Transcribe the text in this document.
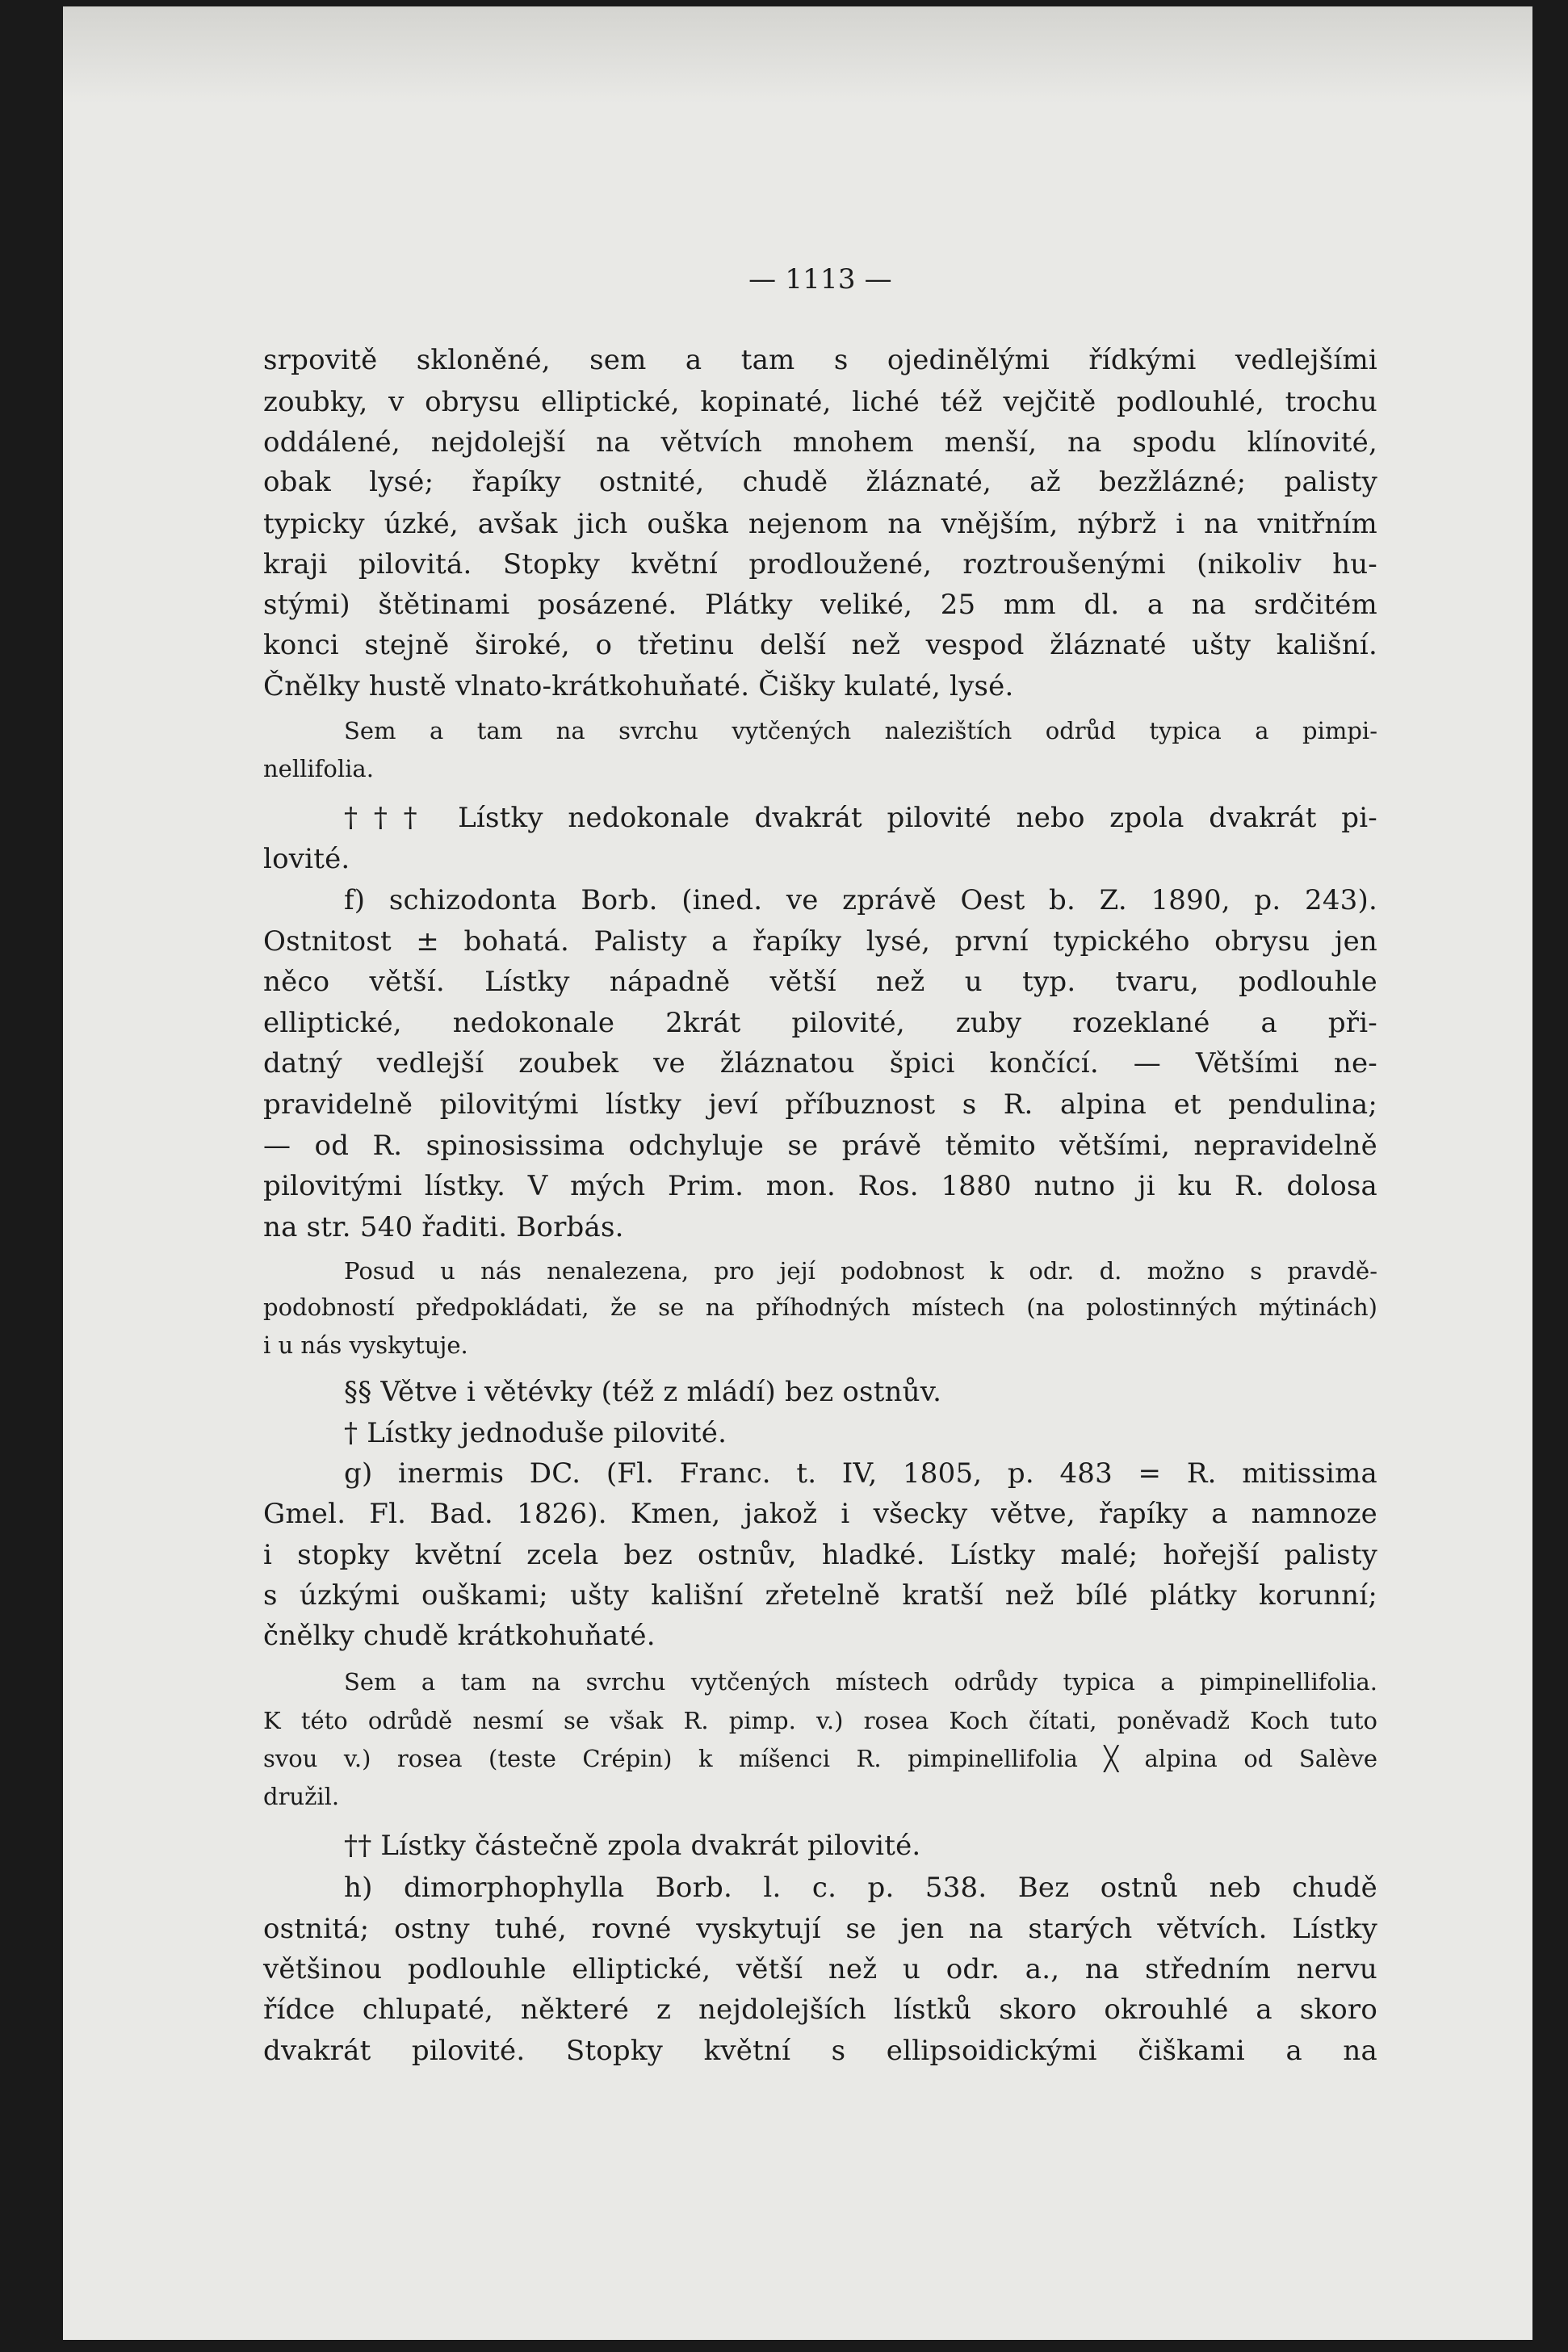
— 1113 —
srpovitě skloněné, sem a tam s ojedinělými řídkými vedlejšími
zoubky, v obrysu elliptické, kopinaté, liché též vejčitě podlouhlé, trochu
oddálené, nejdolejší na větvích mnohem menší, na spodu klínovité,
obak lysé; řapíky ostnité, chudě žláznaté, až bezžlázné; palisty
typicky úzké, avšak jich ouška nejenom na vnějším, nýbrž i na vnitřním
kraji pilovitá. Stopky květní prodloužené, roztroušenými (nikoliv hu-
stými) štětinami posázené. Plátky veliké, 25 mm dl. a na srdčitém
konci stejně široké, o třetinu delší než vespod žláznaté ušty kališní.
Čnělky hustě vlnato-krátkohuňaté. Čišky kulaté, lysé.
Sem a tam na svrchu vytčených nalezištích odrůd typica a pimpi-
nellifolia.
††† Lístky nedokonale dvakrát pilovité nebo zpola dvakrát pi-
lovité.
f) schizodonta Borb. (ined. ve zprávě Oest b. Z. 1890, p. 243).
Ostnitost ± bohatá. Palisty a řapíky lysé, první typického obrysu jen
něco větší. Lístky nápadně větší než u typ. tvaru, podlouhle
elliptické, nedokonale 2krát pilovité, zuby rozeklané a při-
datný vedlejší zoubek ve žláznatou špici končící. — Většími ne-
pravidelně pilovitými lístky jeví příbuznost s R. alpina et pendulina;
— od R. spinosissima odchyluje se právě těmito většími, nepravidelně
pilovitými lístky. V mých Prim. mon. Ros. 1880 nutno ji ku R. dolosa
na str. 540 řaditi. Borbás.
Posud u nás nenalezena, pro její podobnost k odr. d. možno s pravdě-
podobností předpokládati, že se na příhodných místech (na polostinných mýtinách)
i u nás vyskytuje.
§§ Větve i větévky (též z mládí) bez ostnův.
† Lístky jednoduše pilovité.
g) inermis DC. (Fl. Franc. t. IV, 1805, p. 483 = R. mitissima
Gmel. Fl. Bad. 1826). Kmen, jakož i všecky větve, řapíky a namnoze
i stopky květní zcela bez ostnův, hladké. Lístky malé; hořejší palisty
s úzkými ouškami; ušty kališní zřetelně kratší než bílé plátky korunní;
čnělky chudě krátkohuňaté.
Sem a tam na svrchu vytčených místech odrůdy typica a pimpinellifolia.
K této odrůdě nesmí se však R. pimp. v.) rosea Koch čítati, poněvadž Koch tuto
svou v.) rosea (teste Crépin) k míšenci R. pimpinellifolia ╳ alpina od Salève
družil.
†† Lístky částečně zpola dvakrát pilovité.
h) dimorphophylla Borb. l. c. p. 538. Bez ostnů neb chudě
ostnitá; ostny tuhé, rovné vyskytují se jen na starých větvích. Lístky
většinou podlouhle elliptické, větší než u odr. a., na středním nervu
řídce chlupaté, některé z nejdolejších lístků skoro okrouhlé a skoro
dvakrát pilovité. Stopky květní s ellipsoidickými čiškami a na
